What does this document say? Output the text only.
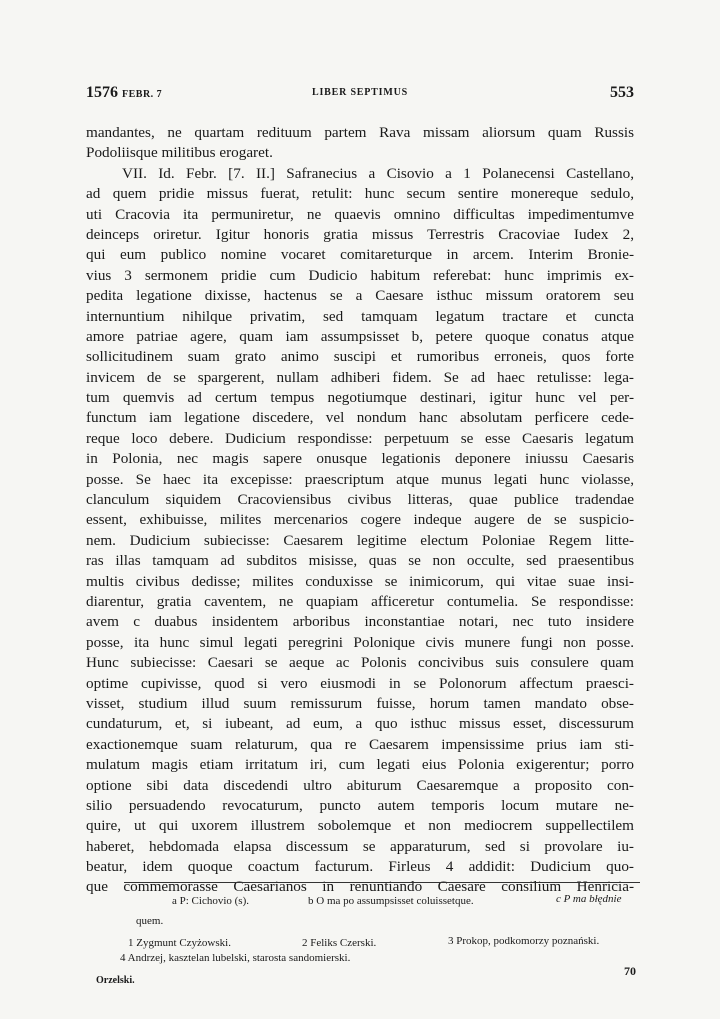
1576 FEBR. 7	LIBER SEPTIMUS	553
mandantes, ne quartam redituum partem Rava missam aliorsum quam Russis
Podoliisque militibus erogaret.
VII. Id. Febr. [7. II.] Safranecius a Cisovio a 1 Polanecensi Castellano,
ad quem pridie missus fuerat, retulit: hunc secum sentire monereque sedulo,
uti Cracovia ita permuniretur, ne quaevis omnino difficultas impedimentumve
deinceps oriretur. Igitur honoris gratia missus Terrestris Cracoviae Iudex 2,
qui eum publico nomine vocaret comitareturque in arcem. Interim Bronie-
vius 3 sermonem pridie cum Dudicio habitum referebat: hunc imprimis ex-
pedita legatione dixisse, hactenus se a Caesare isthuc missum oratorem seu
internuntium nihilque privatim, sed tamquam legatum tractare et cuncta
amore patriae agere, quam iam assumpsisset b, petere quoque conatus atque
sollicitudinem suam grato animo suscipi et rumoribus erroneis, quos forte
invicem de se spargerent, nullam adhiberi fidem. Se ad haec retulisse: lega-
tum quemvis ad certum tempus negotiumque destinari, igitur hunc vel per-
functum iam legatione discedere, vel nondum hanc absolutam perficere cede-
reque loco debere. Dudicium respondisse: perpetuum se esse Caesaris legatum
in Polonia, nec magis sapere onusque legationis deponere iniussu Caesaris
posse. Se haec ita excepisse: praescriptum atque munus legati hunc violasse,
clanculum siquidem Cracoviensibus civibus litteras, quae publice tradendae
essent, exhibuisse, milites mercenarios cogere indeque augere de se suspicio-
nem. Dudicium subiecisse: Caesarem legitime electum Poloniae Regem litte-
ras illas tamquam ad subditos misisse, quas se non occulte, sed praesentibus
multis civibus dedisse; milites conduxisse se inimicorum, qui vitae suae insi-
diarentur, gratia caventem, ne quapiam afficeretur contumelia. Se respondisse:
avem c duabus insidentem arboribus inconstantiae notari, nec tuto insidere
posse, ita hunc simul legati peregrini Polonique civis munere fungi non posse.
Hunc subiecisse: Caesari se aeque ac Polonis concivibus suis consulere quam
optime cupivisse, quod si vero eiusmodi in se Polonorum affectum praesci-
visset, studium illud suum remissurum fuisse, horum tamen mandato obse-
cundaturum, et, si iubeant, ad eum, a quo isthuc missus esset, discessurum
exactionemque suam relaturum, qua re Caesarem impensissime prius iam sti-
mulatum magis etiam irritatum iri, cum legati eius Polonia exigerentur; porro
optione sibi data discedendi ultro abiturum Caesaremque a proposito con-
silio persuadendo revocaturum, puncto autem temporis locum mutare ne-
quire, ut qui uxorem illustrem sobolemque et non mediocrem suppellectilem
haberet, hebdomada elapsa discessum se apparaturum, sed si provolare iu-
beatur, idem quoque coactum facturum. Firleus 4 addidit: Dudicium quo-
que commemorasse Caesarianos in renuntiando Caesare consilium Henricia-
a P: Cichovio (s).	b O ma po assumpsisset coluissetque.	c P ma błędnie
quem.
1 Zygmunt Czyżowski.	2 Feliks Czerski.	3 Prokop, podkomorzy poznański.
4 Andrzej, kasztelan lubelski, starosta sandomierski.
Orzelski.
70
